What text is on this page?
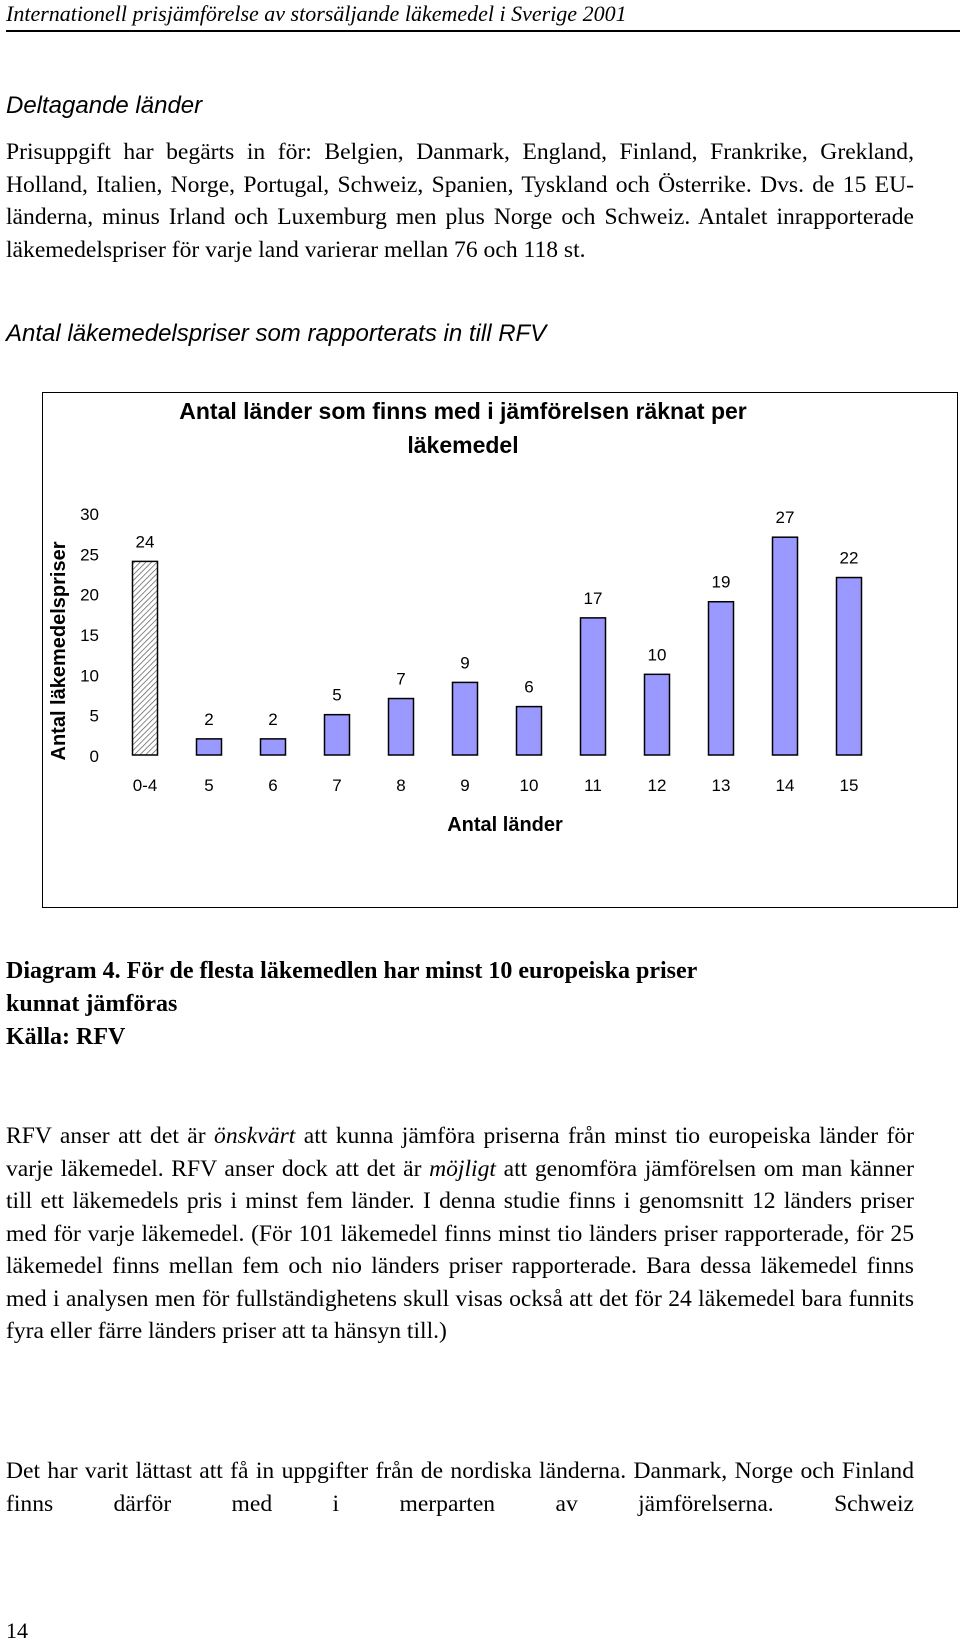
Internationell prisjämförelse av storsäljande läkemedel i Sverige 2001
Deltagande länder

Prisuppgift har begärts in för: Belgien, Danmark, England, Finland, Frankrike, Grekland, Holland, Italien, Norge, Portugal, Schweiz, Spanien, Tyskland och Österrike. Dvs. de 15 EU-länderna, minus Irland och Luxemburg men plus Norge och Schweiz. Antalet inrapporterade läkemedelspriser för varje land varierar mellan 76 och 118 st.

Antal läkemedelspriser som rapporterats in till RFV
Antal länder som finns med i jämförelsen räknat per
läkemedel
Antal läkemedelspriser
Antal länder
0
5
10
15
20
25
30
24
0-4
2
5
2
6
5
7
7
8
9
9
6
10
17
11
10
12
19
13
27
14
22
15
Diagram 4. För de flesta läkemedlen har minst 10 europeiska priser
kunnat jämföras
Källa: RFV

RFV anser att det är önskvärt att kunna jämföra priserna från minst tio europeiska länder för varje läkemedel. RFV anser dock att det är möjligt att genomföra jämförelsen om man känner till ett läkemedels pris i minst fem länder. I denna studie finns i genomsnitt 12 länders priser med för varje läkemedel. (För 101 läkemedel finns minst tio länders priser rapporterade, för 25 läkemedel finns mellan fem och nio länders priser rapporterade. Bara dessa läkemedel finns med i analysen men för fullständighetens skull visas också att det för 24 läkemedel bara funnits fyra eller färre länders priser att ta hänsyn till.)

Det har varit lättast att få in uppgifter från de nordiska länderna. Danmark, Norge och Finland finns därför med i merparten av jämförelserna. Schweiz

14
